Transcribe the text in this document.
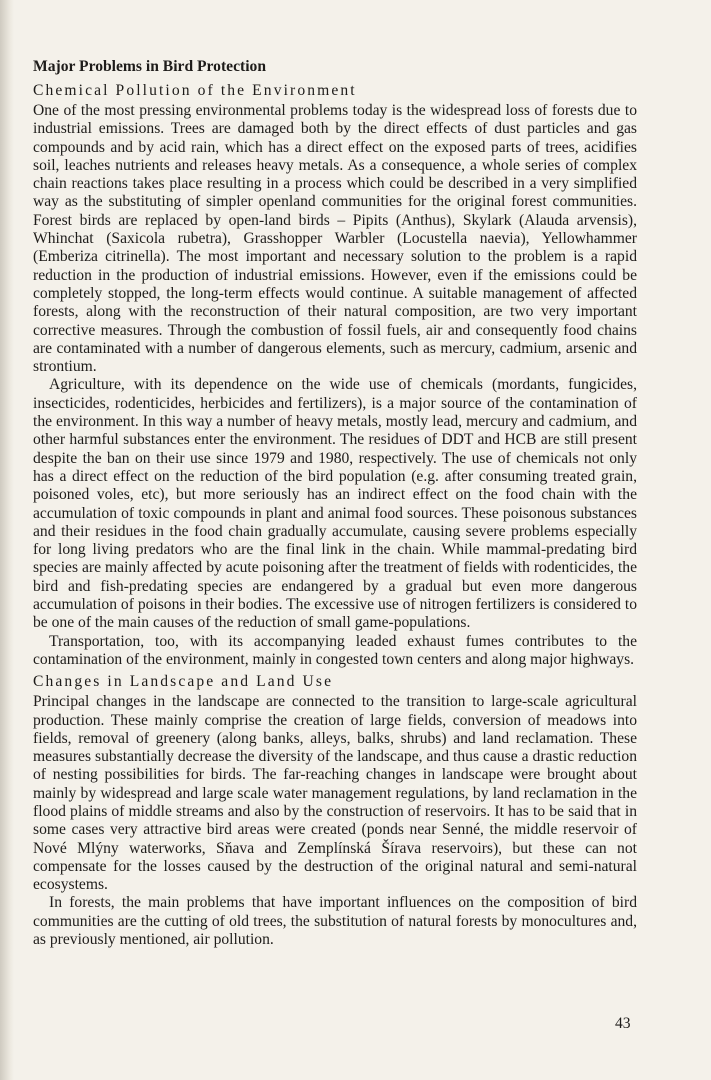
Major Problems in Bird Protection
Chemical Pollution of the Environment

One of the most pressing environmental problems today is the widespread loss of forests due to industrial emissions. Trees are damaged both by the direct effects of dust particles and gas compounds and by acid rain, which has a direct effect on the exposed parts of trees, acidifies soil, leaches nutrients and releases heavy metals. As a consequence, a whole series of complex chain reactions takes place resulting in a process which could be described in a very simplified way as the substituting of simpler openland communities for the original forest communities. Forest birds are replaced by open-land birds – Pipits (Anthus), Skylark (Alauda arvensis), Whinchat (Saxicola rubetra), Grasshopper Warbler (Locustella naevia), Yellowhammer (Emberiza citrinella). The most important and necessary solution to the problem is a rapid reduction in the production of industrial emissions. However, even if the emissions could be completely stopped, the long-term effects would continue. A suitable management of affected forests, along with the reconstruction of their natural composition, are two very important corrective measures. Through the combustion of fossil fuels, air and consequently food chains are contaminated with a number of dangerous elements, such as mercury, cadmium, arsenic and strontium.

Agriculture, with its dependence on the wide use of chemicals (mordants, fungicides, insecticides, rodenticides, herbicides and fertilizers), is a major source of the contamination of the environment. In this way a number of heavy metals, mostly lead, mercury and cadmium, and other harmful substances enter the environment. The residues of DDT and HCB are still present despite the ban on their use since 1979 and 1980, respectively. The use of chemicals not only has a direct effect on the reduction of the bird population (e.g. after consuming treated grain, poisoned voles, etc), but more seriously has an indirect effect on the food chain with the accumulation of toxic compounds in plant and animal food sources. These poisonous substances and their residues in the food chain gradually accumulate, causing severe problems especially for long living predators who are the final link in the chain. While mammal-predating bird species are mainly affected by acute poisoning after the treatment of fields with rodenticides, the bird and fish-predating species are endangered by a gradual but even more dangerous accumulation of poisons in their bodies. The excessive use of nitrogen fertilizers is considered to be one of the main causes of the reduction of small game-populations.

Transportation, too, with its accompanying leaded exhaust fumes contributes to the contamination of the environment, mainly in congested town centers and along major highways.

Changes in Landscape and Land Use

Principal changes in the landscape are connected to the transition to large-scale agricultural production. These mainly comprise the creation of large fields, conversion of meadows into fields, removal of greenery (along banks, alleys, balks, shrubs) and land reclamation. These measures substantially decrease the diversity of the landscape, and thus cause a drastic reduction of nesting possibilities for birds. The far-reaching changes in landscape were brought about mainly by widespread and large scale water management regulations, by land reclamation in the flood plains of middle streams and also by the construction of reservoirs. It has to be said that in some cases very attractive bird areas were created (ponds near Senné, the middle reservoir of Nové Mlýny waterworks, Sňava and Zemplínská Šírava reservoirs), but these can not compensate for the losses caused by the destruction of the original natural and semi-natural ecosystems.

In forests, the main problems that have important influences on the composition of bird communities are the cutting of old trees, the substitution of natural forests by monocultures and, as previously mentioned, air pollution.

43
